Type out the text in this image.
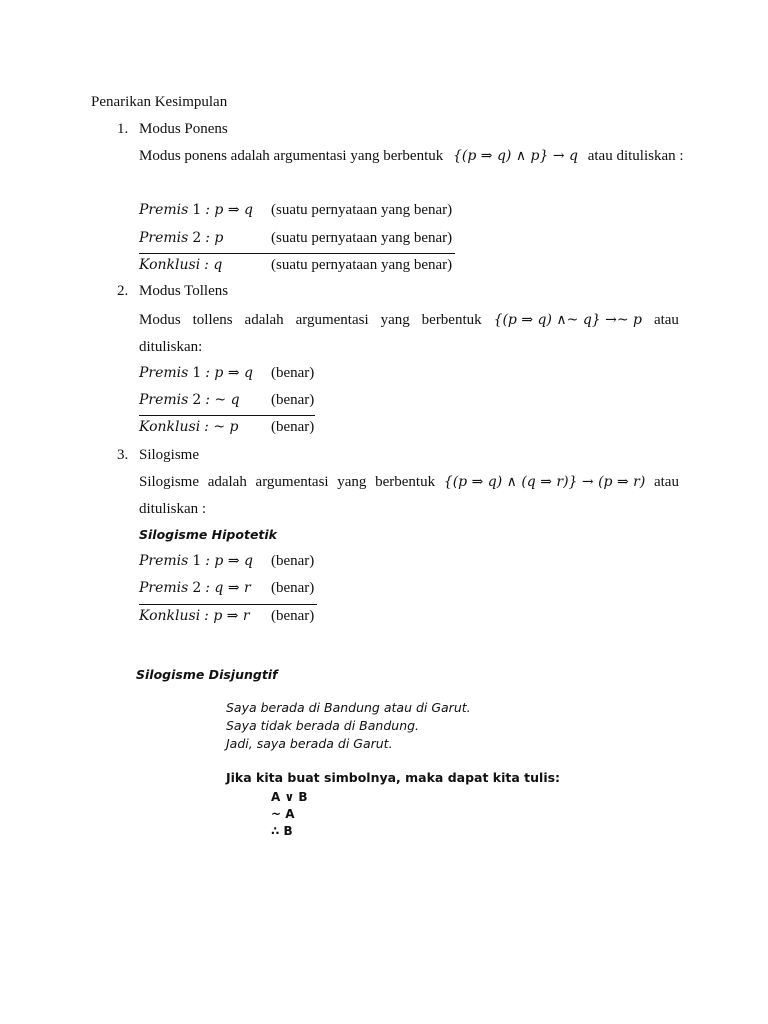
Penarikan Kesimpulan
1. Modus Ponens
Modus ponens adalah argumentasi yang berbentuk {(p ⇒ q) ∧ p} → q atau dituliskan :
Premis 1 : p ⇒ q (suatu pernyataan yang benar)
Premis 2 : p	(suatu pernyataan yang benar)
Konklusi : q	(suatu pernyataan yang benar)
2. Modus Tollens
Modus tollens adalah argumentasi yang berbentuk {(p ⇒ q) ∧~ q} →~ p atau
dituliskan:
Premis 1 : p ⇒ q (benar)
Premis 2 : ~ q (benar)
Konklusi : ~ p (benar)
3. Silogisme
Silogisme adalah argumentasi yang berbentuk {(p ⇒ q) ∧ (q ⇒ r)} → (p ⇒ r) atau
dituliskan :
Silogisme Hipotetik
Premis 1 : p ⇒ q (benar)
Premis 2 : q ⇒ r (benar)
Konklusi : p ⇒ r (benar)
Silogisme Disjungtif
Saya berada di Bandung atau di Garut.
Saya tidak berada di Bandung.
Jadi, saya berada di Garut.
Jika kita buat simbolnya, maka dapat kita tulis:
A ∨ B
~ A
∴ B
